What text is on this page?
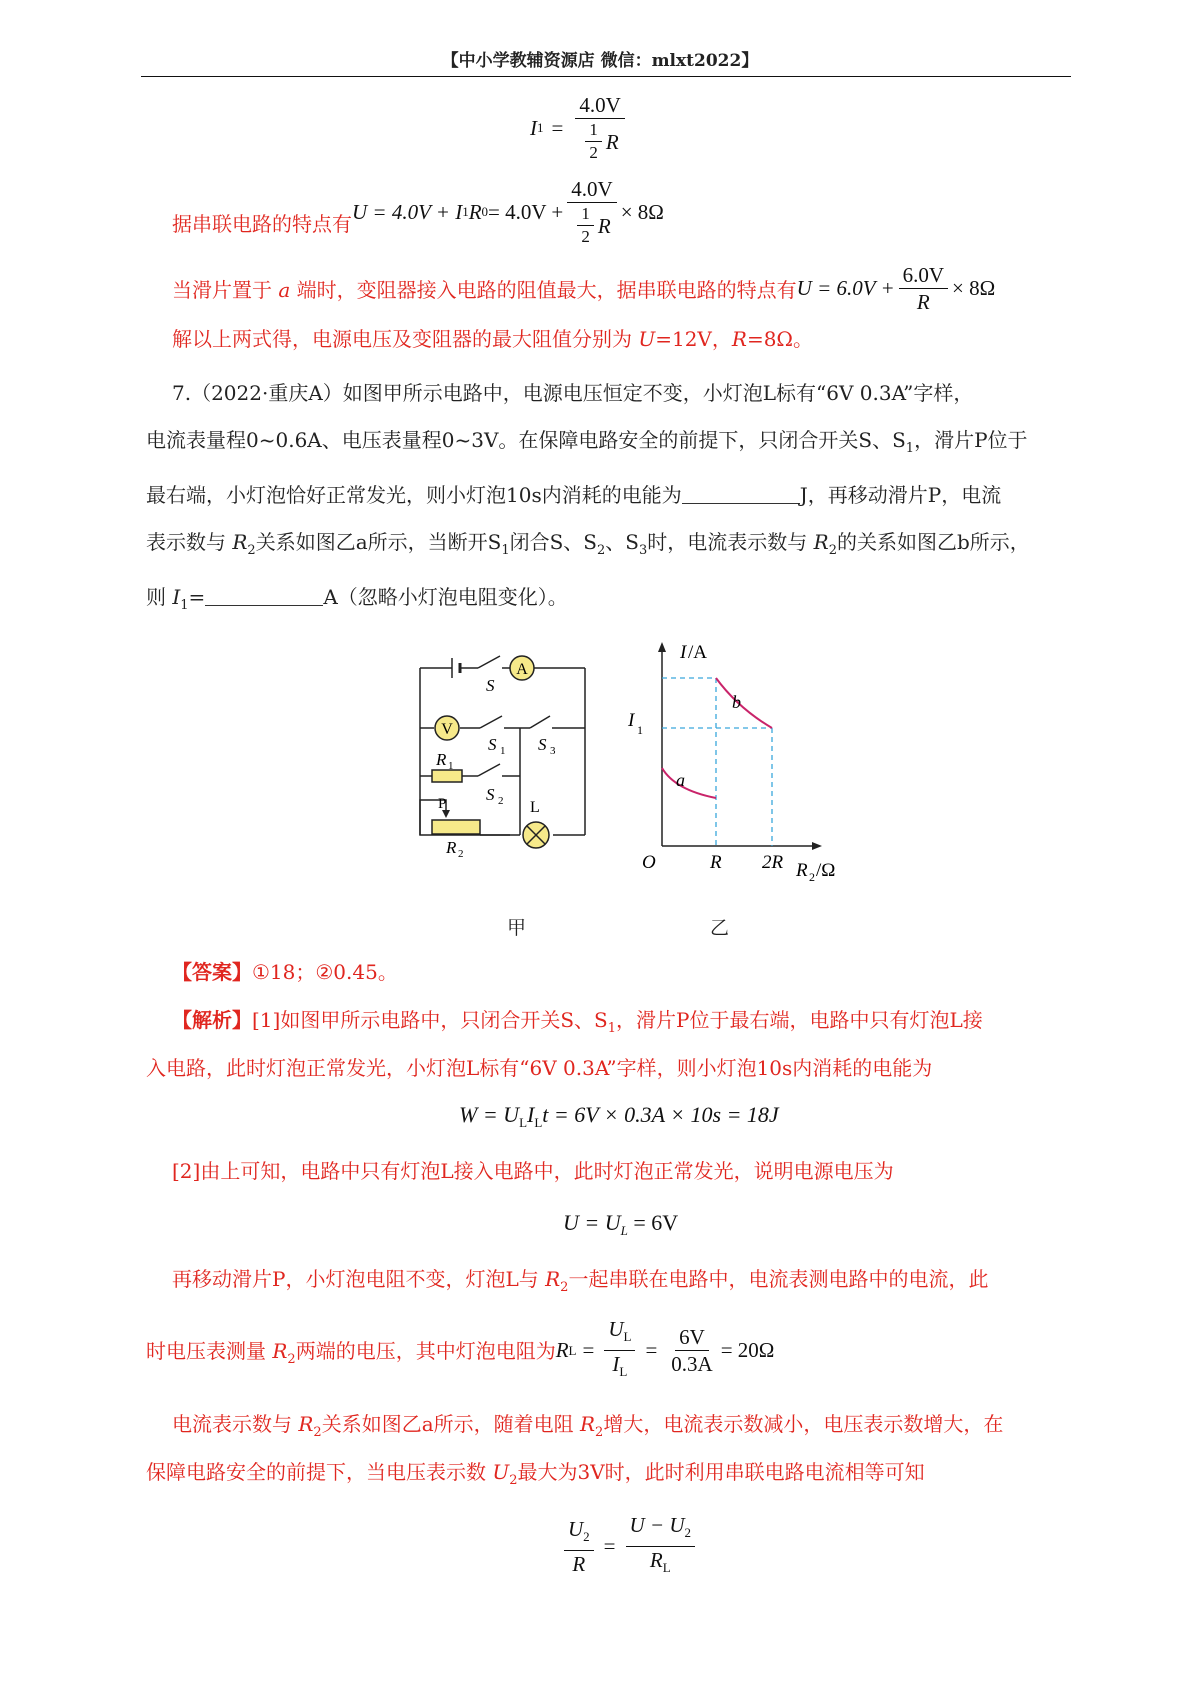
【中小学教辅资源店 微信：mlxt2022】
I $1 = \frac{4.0V}{\frac{1}{2} R}$
据串联电路的特点有 U = 4.0V + I 1 R $0 = 4.0V + \frac{4.0V}{\frac{1}{2} R} \times 8\Omega$
当滑片置于 a 端时，变阻器接入电路的阻值最大，据串联电路的特点有 $U = 6.0V + \frac{6.0V}{R} \times 8\Omega$
解以上两式得，电源电压及变阻器的最大阻值分别为 U=12V，R=8Ω。
7.（2022·重庆A）如图甲所示电路中，电源电压恒定不变，小灯泡L标有“6V 0.3A”字样，
电流表量程0~0.6A、电压表量程0~3V。在保障电路安全的前提下，只闭合开关S、$S_1$，滑片P位于
最右端，小灯泡恰好正常发光，则小灯泡10s内消耗的电能为	J，再移动滑片P，电流
表示数与 $R_2$关系如图乙a所示，当断开$S_1$闭合S、$S_2$、$S_3$时，电流表示数与 $R_2$的关系如图乙b所示，
则 $I_1=$	A（忽略小灯泡电阻变化）。
A
V
S
S 1 S 3
R 1
S 2
P	L
R 2
甲
I /A
I 1
b
a
O	R 2R R 2 /Ω
乙
【答案】①18；②0.45。
【解析】[1]如图甲所示电路中，只闭合开关S、$S_1$，滑片P位于最右端，电路中只有灯泡L接
入电路，此时灯泡正常发光，小灯泡L标有“6V 0.3A”字样，则小灯泡10s内消耗的电能为
$W = U_LI_Lt = 6V \times 0.3A \times 10s = 18J$
[2]由上可知，电路中只有灯泡L接入电路中，此时灯泡正常发光，说明电源电压为
$U = U_L = 6V$
再移动滑片P，小灯泡电阻不变，灯泡L与 $R_2$一起串联在电路中，电流表测电路中的电流，此
时电压表测量 $R_2$两端的电压，其中灯泡电阻为 R $L = \frac{U_L}{I_L} = \frac{6V}{0.3A} = 20\Omega$
电流表示数与 $R_2$关系如图乙a所示，随着电阻 $R_2$增大，电流表示数减小，电压表示数增大，在
保障电路安全的前提下，当电压表示数 $U_2$最大为3V时，此时利用串联电路电流相等可知
$\frac{U_2}{R} = \frac{U - U_2}{R_L}$
